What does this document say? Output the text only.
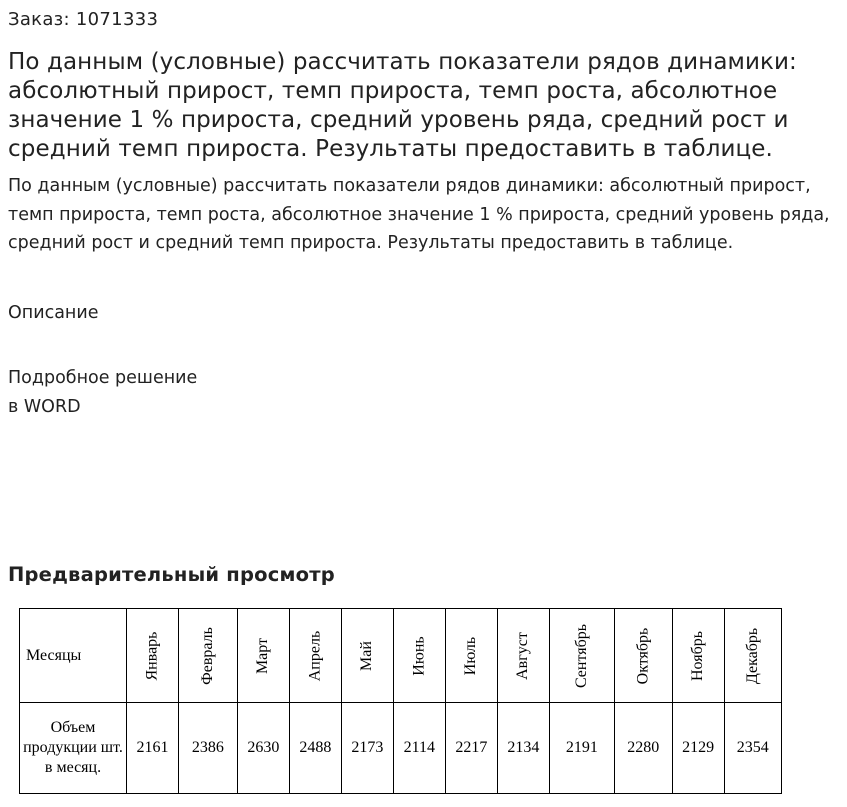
Заказ: 1071333
По данным (условные) рассчитать показатели рядов динамики: абсолютный прирост, темп прироста, темп роста, абсолютное значение 1 % прироста, средний уровень ряда, средний рост и средний темп прироста. Результаты предоставить в таблице.

По данным (условные) рассчитать показатели рядов динамики: абсолютный прирост, темп прироста, темп роста, абсолютное значение 1 % прироста, средний уровень ряда, средний рост и средний темп прироста. Результаты предоставить в таблице.

Описание
Подробное решение
в WORD
Предварительный просмотр
Месяцы	Январь	Февраль	Март	Апрель	Май	Июнь	Июль	Август	Сентябрь	Октябрь	Ноябрь	Декабрь
Объем продукции шт. в месяц.	2161	2386	2630	2488	2173	2114	2217	2134	2191	2280	2129	2354
